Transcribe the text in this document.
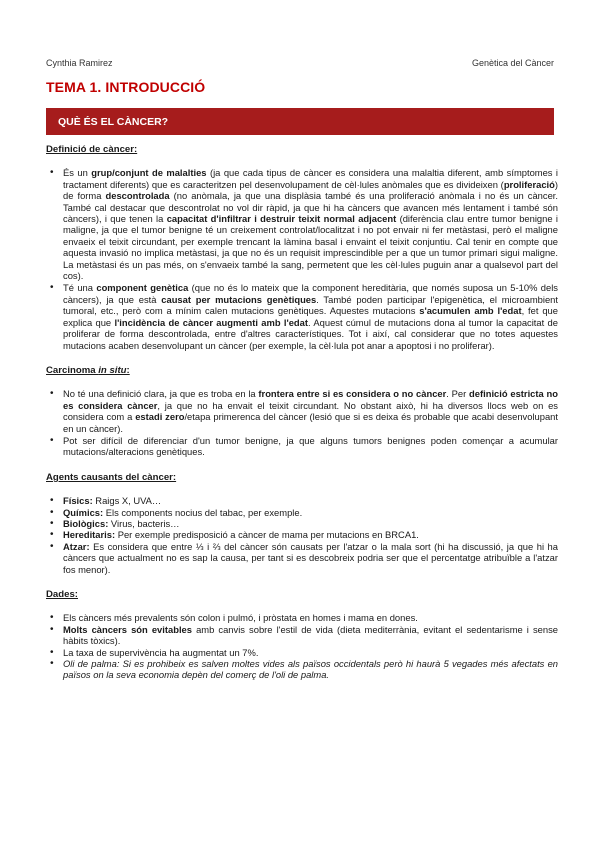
Cynthia Ramirez	Genètica del Càncer
TEMA 1. INTRODUCCIÓ
QUÈ ÉS EL CÀNCER?
Definició de càncer:
• És un grup/conjunt de malalties (ja que cada tipus de càncer es considera una malaltia diferent, amb símptomes i tractament diferents) que es caracteritzen pel desenvolupament de cèl·lules anòmales que es divideixen (proliferació) de forma descontrolada (no anòmala, ja que una displàsia també és una proliferació anòmala i no és un càncer. També cal destacar que descontrolat no vol dir ràpid, ja que hi ha càncers que avancen més lentament i també són càncers), i que tenen la capacitat d'infiltrar i destruir teixit normal adjacent (diferència clau entre tumor benigne i maligne, ja que el tumor benigne té un creixement controlat/localitzat i no pot envair ni fer metàstasi, però el maligne envaeix el teixit circundant, per exemple trencant la làmina basal i envaint el teixit conjuntiu. Cal tenir en compte que aquesta invasió no implica metàstasi, ja que no és un requisit imprescindible per a que un tumor primari sigui maligne. La metàstasi és un pas més, on s'envaeix també la sang, permetent que les cèl·lules puguin anar a qualsevol part del cos).
• Té una component genètica (que no és lo mateix que la component hereditària, que només suposa un 5-10% dels càncers), ja que està causat per mutacions genètiques. També poden participar l'epigenètica, el microambient tumoral, etc., però com a mínim calen mutacions genètiques. Aquestes mutacions s'acumulen amb l'edat, fet que explica que l'incidència de càncer augmenti amb l'edat. Aquest cúmul de mutacions dona al tumor la capacitat de proliferar de forma descontrolada, entre d'altres característiques. Tot i així, cal considerar que no totes aquestes mutacions acaben desenvolupant un càncer (per exemple, la cèl·lula pot anar a apoptosi i no proliferar).
Carcinoma in situ:
• No té una definició clara, ja que es troba en la frontera entre si es considera o no càncer. Per definició estricta no es considera càncer, ja que no ha envait el teixit circundant. No obstant això, hi ha diversos llocs web on es considera com a estadi zero/etapa primerenca del càncer (lesió que si es deixa és probable que acabi desenvolupant en un càncer).
• Pot ser difícil de diferenciar d'un tumor benigne, ja que alguns tumors benignes poden començar a acumular mutacions/alteracions genètiques.
Agents causants del càncer:
• Físics: Raigs X, UVA…
• Químics: Els components nocius del tabac, per exemple.
• Biològics: Virus, bacteris…
• Hereditaris: Per exemple predisposició a càncer de mama per mutacions en BRCA1.
• Atzar: Es considera que entre ⅓ i ⅔ del càncer són causats per l'atzar o la mala sort (hi ha discussió, ja que hi ha càncers que actualment no es sap la causa, per tant si es descobreix podria ser que el percentatge atribuïble a l'atzar fos menor).
Dades:
• Els càncers més prevalents són colon i pulmó, i pròstata en homes i mama en dones.
• Molts càncers són evitables amb canvis sobre l'estil de vida (dieta mediterrània, evitant el sedentarisme i sense hàbits tòxics).
• La taxa de supervivència ha augmentat un 7%.
• Oli de palma: Si es prohibeix es salven moltes vides als països occidentals però hi haurà 5 vegades més afectats en països on la seva economia depèn del comerç de l'oli de palma.
